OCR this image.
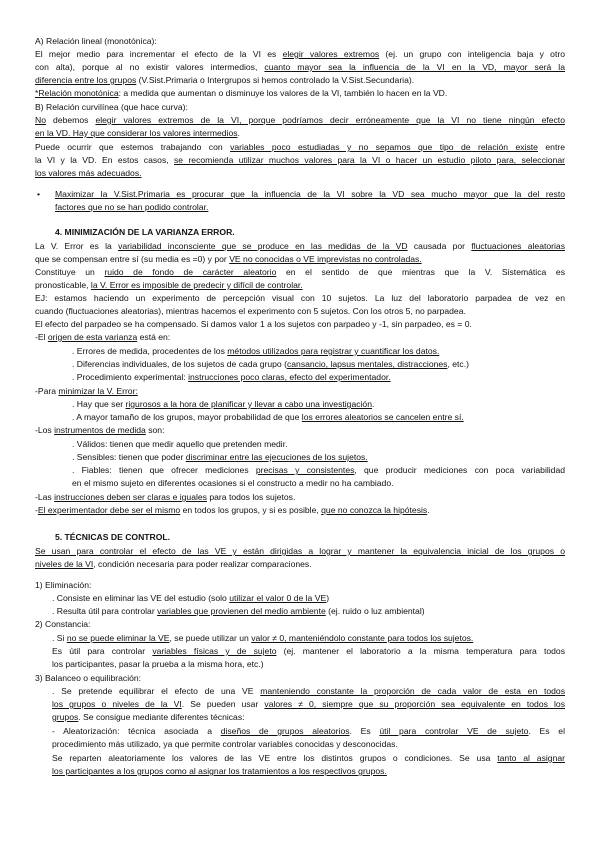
A) Relación lineal (monotónica):
El mejor medio para incrementar el efecto de la VI es elegir valores extremos (ej. un grupo con inteligencia baja y otro
con alta), porque al no existir valores intermedios, cuanto mayor sea la influencia de la VI en la VD, mayor será la
diferencia entre los grupos (V.Sist.Primaria o Intergrupos si hemos controlado la V.Sist.Secundaria).
*Relación monotónica: a medida que aumentan o disminuye los valores de la VI, también lo hacen en la VD.
B) Relación curvilínea (que hace curva):
No debemos elegir valores extremos de la VI, porque podríamos decir erróneamente que la VI no tiene ningún efecto
en la VD. Hay que considerar los valores intermedios.
Puede ocurrir que estemos trabajando con variables poco estudiadas y no sepamos que tipo de relación existe entre
la VI y la VD. En estos casos, se recomienda utilizar muchos valores para la VI o hacer un estudio piloto para, seleccionar
los valores más adecuados.
• Maximizar la V.Sist.Primaria es procurar que la influencia de la VI sobre la VD sea mucho mayor que la del resto
factores que no se han podido controlar.
4. MINIMIZACIÓN DE LA VARIANZA ERROR.
La V. Error es la variabilidad inconsciente que se produce en las medidas de la VD causada por fluctuaciones aleatorias
que se compensan entre sí (su media es =0) y por VE no conocidas o VE imprevistas no controladas.
Constituye un ruido de fondo de carácter aleatorio en el sentido de que mientras que la V. Sistemática es
pronosticable, la V. Error es imposible de predecir y difícil de controlar.
EJ: estamos haciendo un experimento de percepción visual con 10 sujetos. La luz del laboratorio parpadea de vez en
cuando (fluctuaciones aleatorias), mientras hacemos el experimento con 5 sujetos. Con los otros 5, no parpadea.
El efecto del parpadeo se ha compensado. Si damos valor 1 a los sujetos con parpadeo y -1, sin parpadeo, es = 0.
-El origen de esta varianza está en:
. Errores de medida, procedentes de los métodos utilizados para registrar y cuantificar los datos.
. Diferencias individuales, de los sujetos de cada grupo (cansancio, lapsus mentales, distracciones, etc.)
. Procedimiento experimental: instrucciones poco claras, efecto del experimentador.
-Para minimizar la V. Error:
. Hay que ser rigurosos a la hora de planificar y llevar a cabo una investigación.
. A mayor tamaño de los grupos, mayor probabilidad de que los errores aleatorios se cancelen entre sí.
-Los instrumentos de medida son:
. Válidos: tienen que medir aquello que pretenden medir.
. Sensibles: tienen que poder discriminar entre las ejecuciones de los sujetos.
. Fiables: tienen que ofrecer mediciones precisas y consistentes, que producir mediciones con poca variabilidad
en el mismo sujeto en diferentes ocasiones si el constructo a medir no ha cambiado.
-Las instrucciones deben ser claras e iguales para todos los sujetos.
-El experimentador debe ser el mismo en todos los grupos, y si es posible, que no conozca la hipótesis.
5. TÉCNICAS DE CONTROL.
Se usan para controlar el efecto de las VE y están dirigidas a lograr y mantener la equivalencia inicial de los grupos o
niveles de la VI, condición necesaria para poder realizar comparaciones.
1) Eliminación:
. Consiste en eliminar las VE del estudio (solo utilizar el valor 0 de la VE)
. Resulta útil para controlar variables que provienen del medio ambiente (ej. ruido o luz ambiental)
2) Constancia:
. Si no se puede eliminar la VE, se puede utilizar un valor ≠ 0, manteniéndolo constante para todos los sujetos.
Es útil para controlar variables físicas y de sujeto (ej. mantener el laboratorio a la misma temperatura para todos
los participantes, pasar la prueba a la misma hora, etc.)
3) Balanceo o equilibración:
. Se pretende equilibrar el efecto de una VE manteniendo constante la proporción de cada valor de esta en todos
los grupos o niveles de la VI. Se pueden usar valores ≠ 0, siempre que su proporción sea equivalente en todos los
grupos. Se consigue mediante diferentes técnicas:
- Aleatorización: técnica asociada a diseños de grupos aleatorios. Es útil para controlar VE de sujeto. Es el
procedimiento más utilizado, ya que permite controlar variables conocidas y desconocidas.
Se reparten aleatoriamente los valores de las VE entre los distintos grupos o condiciones. Se usa tanto al asignar
los participantes a los grupos como al asignar los tratamientos a los respectivos grupos.
